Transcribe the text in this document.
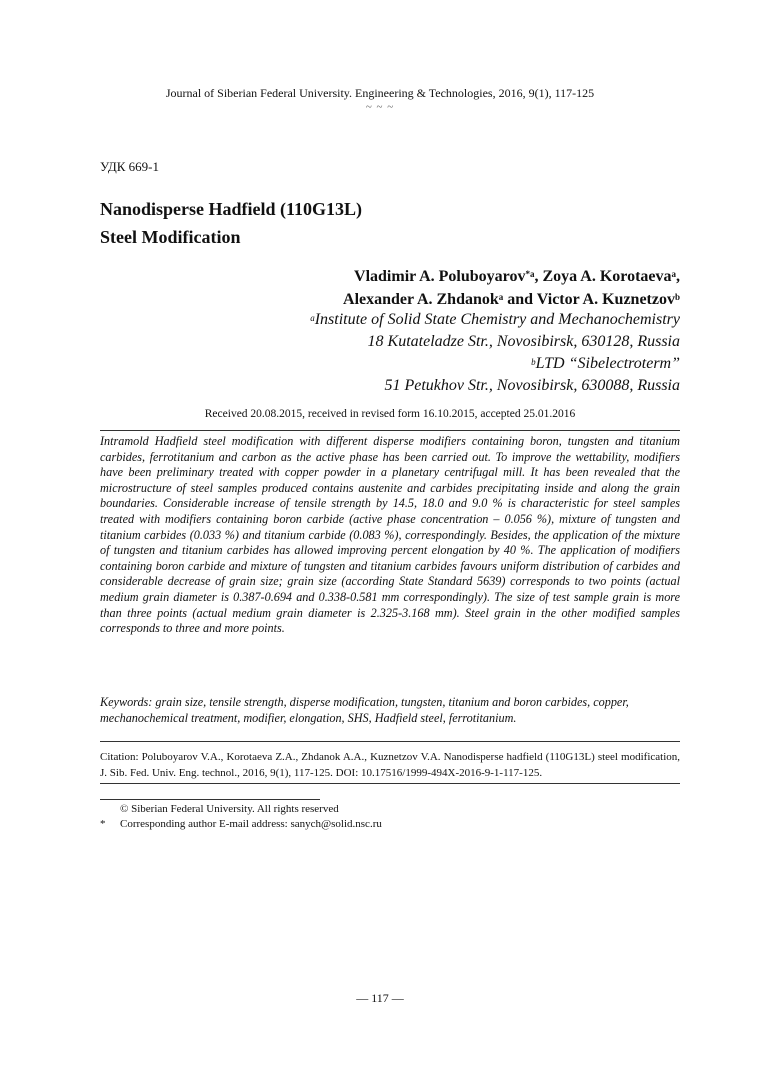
Journal of Siberian Federal University. Engineering & Technologies, 2016, 9(1), 117-125
~ ~ ~
УДК 669-1
Nanodisperse Hadfield (110G13L)
Steel Modification
Vladimir A. Poluboyarov$^{*a}$, Zoya A. Korotaeva$^a$,
Alexander A. Zhdanok$^a$ and Victor A. Kuznetzov$^b$
$^a$Institute of Solid State Chemistry and Mechanochemistry
18 Kutateladze Str., Novosibirsk, 630128, Russia
$^b$LTD “Sibelectroterm”
51 Petukhov Str., Novosibirsk, 630088, Russia
Received 20.08.2015, received in revised form 16.10.2015, accepted 25.01.2016
Intramold Hadfield steel modification with different disperse modifiers containing boron, tungsten and titanium carbides, ferrotitanium and carbon as the active phase has been carried out. To improve the wettability, modifiers have been preliminary treated with copper powder in a planetary centrifugal mill. It has been revealed that the microstructure of steel samples produced contains austenite and carbides precipitating inside and along the grain boundaries. Considerable increase of tensile strength by 14.5, 18.0 and 9.0 % is characteristic for steel samples treated with modifiers containing boron carbide (active phase concentration – 0.056 %), mixture of tungsten and titanium carbides (0.033 %) and titanium carbide (0.083 %), correspondingly. Besides, the application of the mixture of tungsten and titanium carbides has allowed improving percent elongation by 40 %. The application of modifiers containing boron carbide and mixture of tungsten and titanium carbides favours uniform distribution of carbides and considerable decrease of grain size; grain size (according State Standard 5639) corresponds to two points (actual medium grain diameter is 0.387-0.694 and 0.338-0.581 mm correspondingly). The size of test sample grain is more than three points (actual medium grain diameter is 2.325-3.168 mm). Steel grain in the other modified samples corresponds to three and more points.
Keywords: grain size, tensile strength, disperse modification, tungsten, titanium and boron carbides, copper, mechanochemical treatment, modifier, elongation, SHS, Hadfield steel, ferrotitanium.
Citation: Poluboyarov V.A., Korotaeva Z.A., Zhdanok A.A., Kuznetzov V.A. Nanodisperse hadfield (110G13L) steel modification, J. Sib. Fed. Univ. Eng. technol., 2016, 9(1), 117-125. DOI: 10.17516/1999-494X-2016-9-1-117-125.
© Siberian Federal University. All rights reserved
* Corresponding author E-mail address: sanych@solid.nsc.ru
― 117 ―
